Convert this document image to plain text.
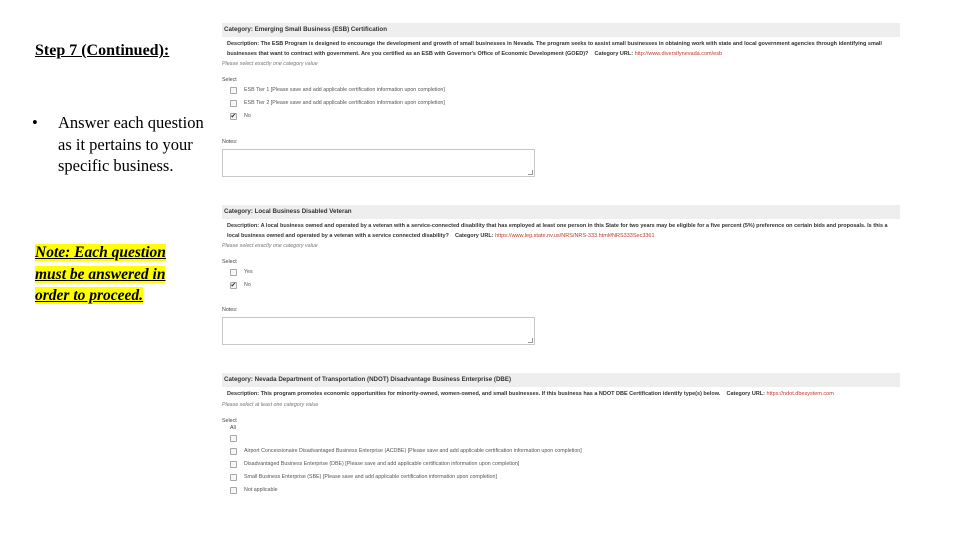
Step 7 (Continued):
•	Answer each question as it pertains to your specific business.
Note: Each question must be answered in order to proceed.
Category: Emerging Small Business (ESB) Certification
Description: The ESB Program is designed to encourage the development and growth of small businesses in Nevada. The program seeks to assist small businesses in obtaining work with state and local government agencies through identifying small businesses that want to contract with government. Are you certified as an ESB with Governor's Office of Economic Development (GOED)? Category URL: http://www.diversifynevada.com/esb
Please select exactly one category value
Select
ESB Tier 1 [Please save and add applicable certification information upon completion]
ESB Tier 2 [Please save and add applicable certification information upon completion]
✔
No
Notes:
Category: Local Business Disabled Veteran
Description: A local business owned and operated by a veteran with a service-connected disability that has employed at least one person in this State for two years may be eligible for a five percent (5%) preference on certain bids and proposals. Is this a local business owned and operated by a veteran with a service connected disability? Category URL: https://www.leg.state.nv.us/NRS/NRS-333.html#NRS333Sec3361
Please select exactly one category value
Select
Yes
✔
No
Notes:
Category: Nevada Department of Transportation (NDOT) Disadvantage Business Enterprise (DBE)
Description: This program promotes economic opportunities for minority-owned, women-owned, and small businesses. If this business has a NDOT DBE Certification identify type(s) below. Category URL: https://ndot.dbesystem.com
Please select at least one category value
Select
All
Airport Concessionaire Disadvantaged Business Enterprise (ACDBE) [Please save and add applicable certification information upon completion]
Disadvantaged Business Enterprise (DBE) [Please save and add applicable certification information upon completion]
Small Business Enterprise (SBE) [Please save and add applicable certification information upon completion]
Not applicable
